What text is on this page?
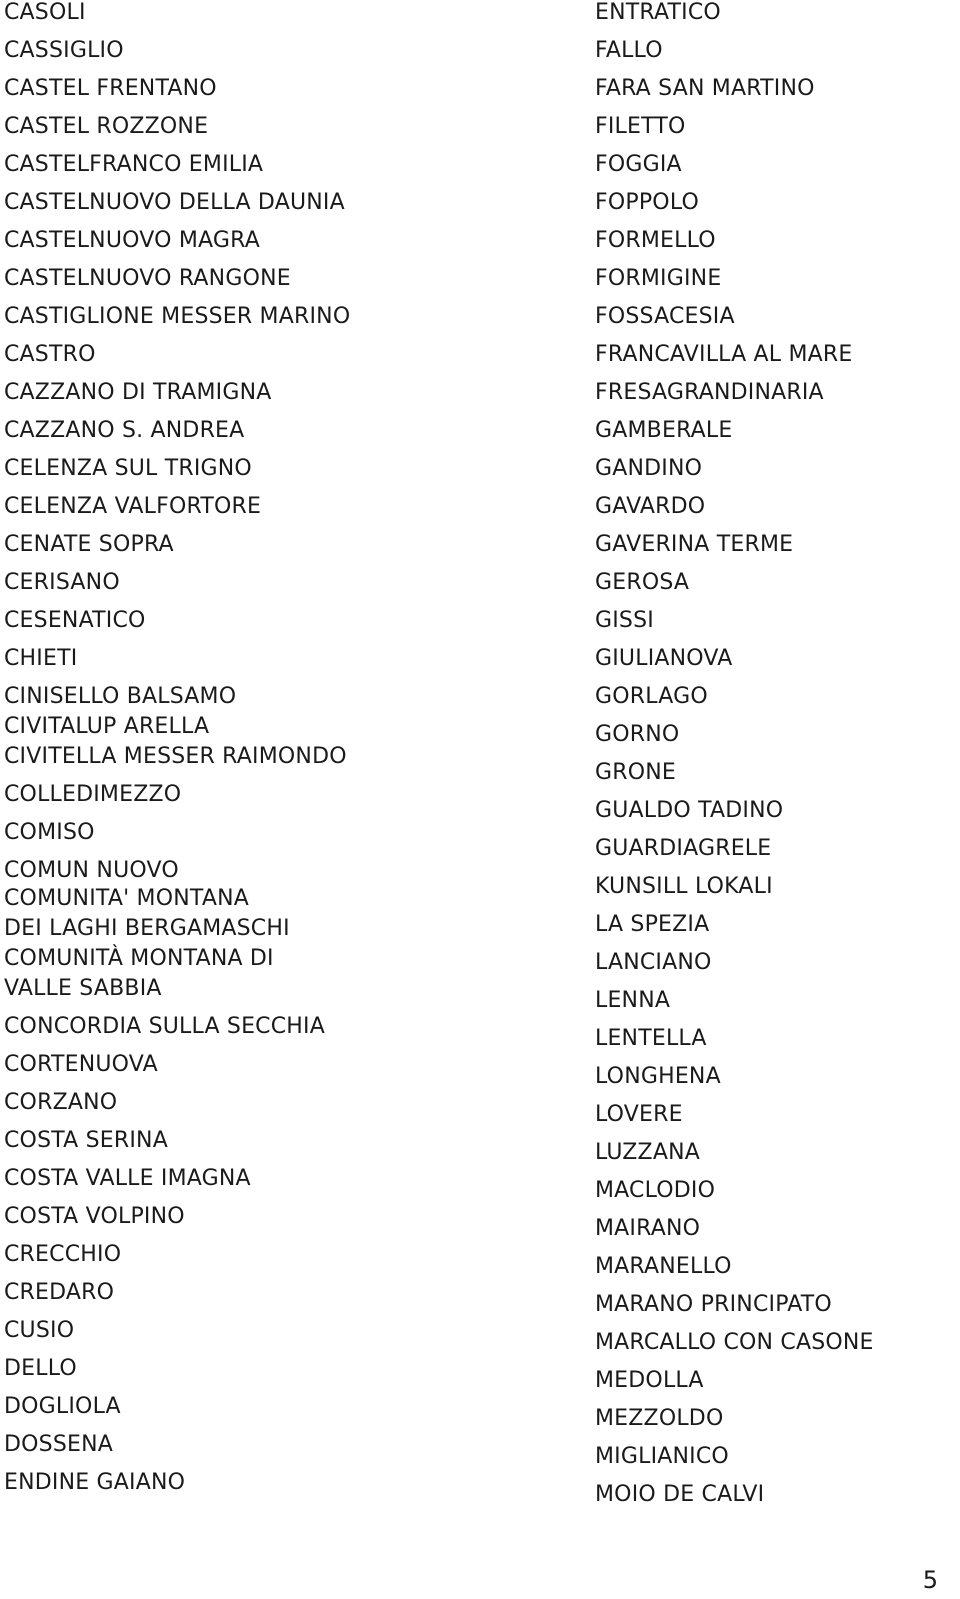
CASOLI
CASSIGLIO
CASTEL FRENTANO
CASTEL ROZZONE
CASTELFRANCO EMILIA
CASTELNUOVO DELLA DAUNIA
CASTELNUOVO MAGRA
CASTELNUOVO RANGONE
CASTIGLIONE MESSER MARINO
CASTRO
CAZZANO DI TRAMIGNA
CAZZANO S. ANDREA
CELENZA SUL TRIGNO
CELENZA VALFORTORE
CENATE SOPRA
CERISANO
CESENATICO
CHIETI
CINISELLO BALSAMO
CIVITALUP ARELLA
CIVITELLA MESSER RAIMONDO
COLLEDIMEZZO
COMISO
COMUN NUOVO
COMUNITA' MONTANA
DEI LAGHI BERGAMASCHI
COMUNITÀ MONTANA DI
VALLE SABBIA
CONCORDIA SULLA SECCHIA
CORTENUOVA
CORZANO
COSTA SERINA
COSTA VALLE IMAGNA
COSTA VOLPINO
CRECCHIO
CREDARO
CUSIO
DELLO
DOGLIOLA
DOSSENA
ENDINE GAIANO
ENTRATICO
FALLO
FARA SAN MARTINO
FILETTO
FOGGIA
FOPPOLO
FORMELLO
FORMIGINE
FOSSACESIA
FRANCAVILLA AL MARE
FRESAGRANDINARIA
GAMBERALE
GANDINO
GAVARDO
GAVERINA TERME
GEROSA
GISSI
GIULIANOVA
GORLAGO
GORNO
GRONE
GUALDO TADINO
GUARDIAGRELE
KUNSILL LOKALI
LA SPEZIA
LANCIANO
LENNA
LENTELLA
LONGHENA
LOVERE
LUZZANA
MACLODIO
MAIRANO
MARANELLO
MARANO PRINCIPATO
MARCALLO CON CASONE
MEDOLLA
MEZZOLDO
MIGLIANICO
MOIO DE CALVI
5
